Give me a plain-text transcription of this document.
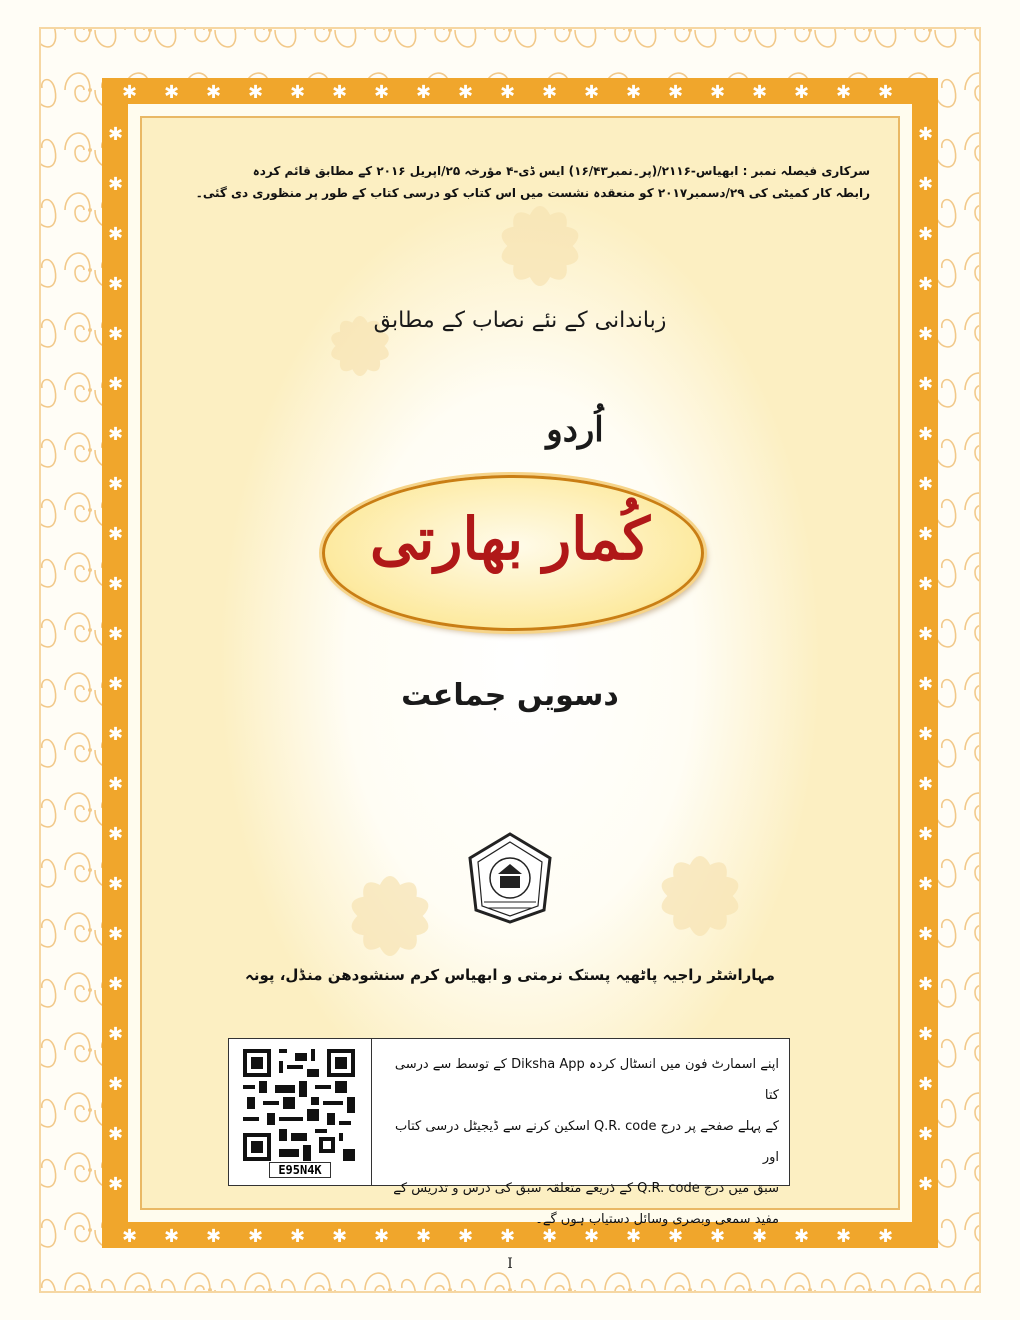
✱ ✱ ✱ ✱ ✱ ✱ ✱ ✱ ✱ ✱ ✱ ✱ ✱ ✱ ✱ ✱ ✱ ✱ ✱
✱
✱
✱
✱
✱
✱
✱
✱
✱
✱
✱
✱
✱
✱
✱
✱
✱
✱
✱
✱
✱
✱
سرکاری فیصلہ نمبر : ابھیاس-۲۱۱۶/(پر۔نمبر۱۶/۴۳) ایس ڈی-۴ مؤرخہ ۲۵/اپریل ۲۰۱۶ کے مطابق قائم کردہ
رابطہ کار کمیٹی کی ۲۹/دسمبر۲۰۱۷ کو منعقدہ نشست میں اس کتاب کو درسی کتاب کے طور پر منظوری دی گئی۔
زباندانی کے نئے نصاب کے مطابق
اُردو
کُمار بھارتی
دسویں جماعت
مہاراشٹر راجیہ پاٹھیہ پستک نرمتی و ابھیاس کرم سنشودھن منڈل، پونہ
E95N4K
اپنے اسمارٹ فون میں انسٹال کردہ Diksha App کے توسط سے درسی کتا
کے پہلے صفحے پر درج Q.R. code اسکین کرنے سے ڈیجیٹل درسی کتاب اور
سبق میں درج Q.R. code کے ذریعے متعلقہ سبق کی درس و تدریس کے
مفید سمعی وبصری وسائل دستیاب ہوں گے۔
I
